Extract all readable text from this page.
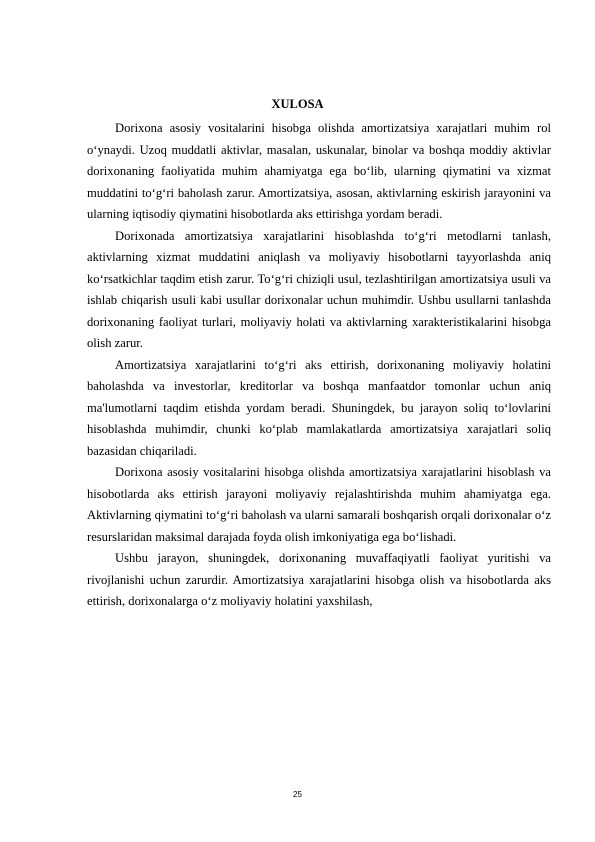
XULOSA

Dorixona asosiy vositalarini hisobga olishda amortizatsiya xarajatlari muhim rol o‘ynaydi. Uzoq muddatli aktivlar, masalan, uskunalar, binolar va boshqa moddiy aktivlar dorixonaning faoliyatida muhim ahamiyatga ega bo‘lib, ularning qiymatini va xizmat muddatini to‘g‘ri baholash zarur. Amortizatsiya, asosan, aktivlarning eskirish jarayonini va ularning iqtisodiy qiymatini hisobotlarda aks ettirishga yordam beradi.

Dorixonada amortizatsiya xarajatlarini hisoblashda to‘g‘ri metodlarni tanlash, aktivlarning xizmat muddatini aniqlash va moliyaviy hisobotlarni tayyorlashda aniq ko‘rsatkichlar taqdim etish zarur. To‘g‘ri chiziqli usul, tezlashtirilgan amortizatsiya usuli va ishlab chiqarish usuli kabi usullar dorixonalar uchun muhimdir. Ushbu usullarni tanlashda dorixonaning faoliyat turlari, moliyaviy holati va aktivlarning xarakteristikalarini hisobga olish zarur.

Amortizatsiya xarajatlarini to‘g‘ri aks ettirish, dorixonaning moliyaviy holatini baholashda va investorlar, kreditorlar va boshqa manfaatdor tomonlar uchun aniq ma'lumotlarni taqdim etishda yordam beradi. Shuningdek, bu jarayon soliq to‘lovlarini hisoblashda muhimdir, chunki ko‘plab mamlakatlarda amortizatsiya xarajatlari soliq bazasidan chiqariladi.

Dorixona asosiy vositalarini hisobga olishda amortizatsiya xarajatlarini hisoblash va hisobotlarda aks ettirish jarayoni moliyaviy rejalashtirishda muhim ahamiyatga ega. Aktivlarning qiymatini to‘g‘ri baholash va ularni samarali boshqarish orqali dorixonalar o‘z resurslaridan maksimal darajada foyda olish imkoniyatiga ega bo‘lishadi.

Ushbu jarayon, shuningdek, dorixonaning muvaffaqiyatli faoliyat yuritishi va rivojlanishi uchun zarurdir. Amortizatsiya xarajatlarini hisobga olish va hisobotlarda aks ettirish, dorixonalarga o‘z moliyaviy holatini yaxshilash,

25
